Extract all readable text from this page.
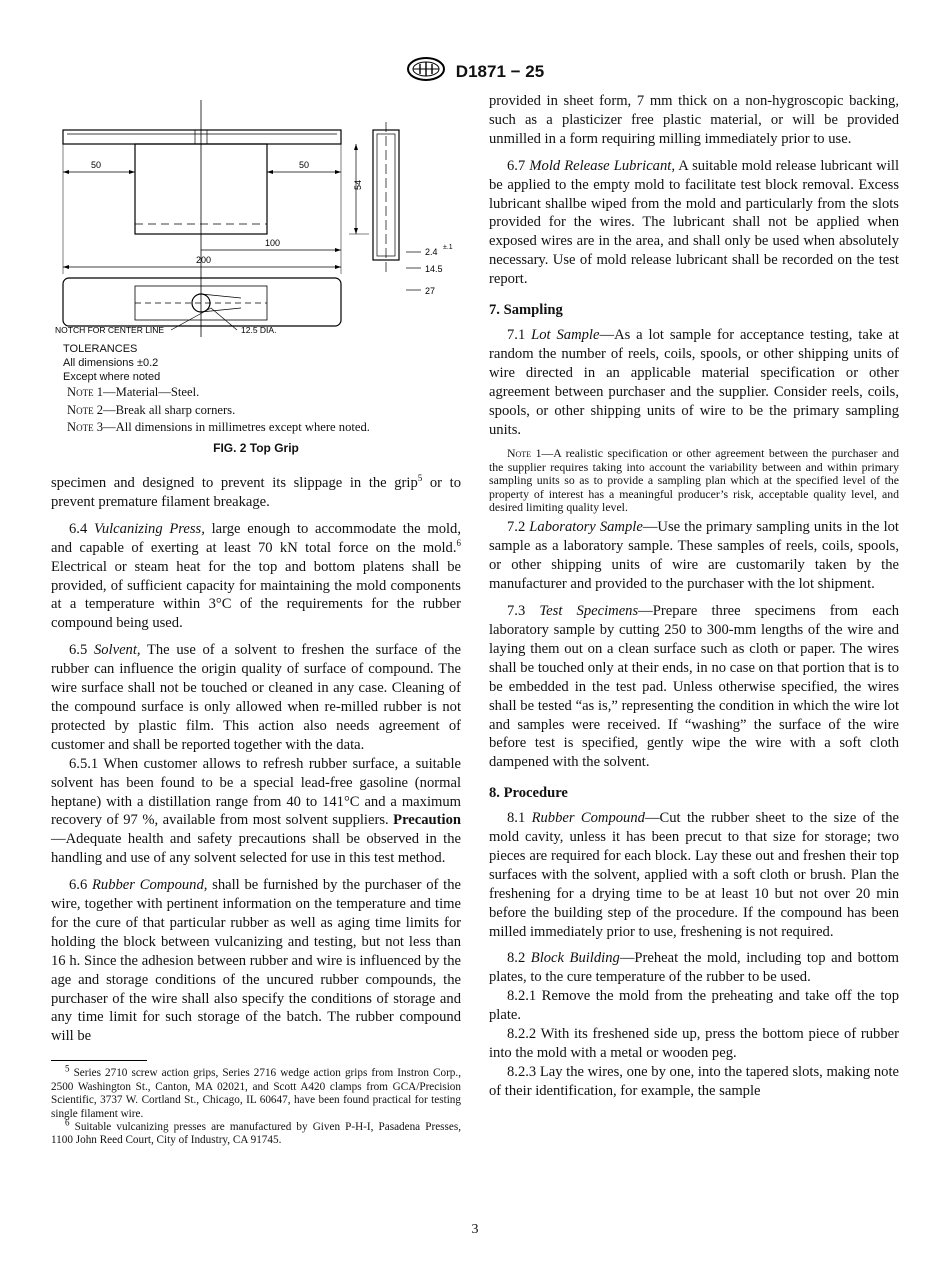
D1871 − 25
50	50
54
100
200
2.4 ±.1
14.5
27
NOTCH FOR CENTER LINE	12.5 DIA.
TOLERANCES
All dimensions ±0.2
Except where noted
Note 1—Material—Steel.
Note 2—Break all sharp corners.
Note 3—All dimensions in millimetres except where noted.
FIG. 2 Top Grip

specimen and designed to prevent its slippage in the grip$^5$ or to prevent premature filament breakage.

6.4 Vulcanizing Press, large enough to accommodate the mold, and capable of exerting at least 70 kN total force on the mold.$^6$ Electrical or steam heat for the top and bottom platens shall be provided, of sufficient capacity for maintaining the mold components at a temperature within 3°C of the requirements for the rubber compound being used.

6.5 Solvent, The use of a solvent to freshen the surface of the rubber can influence the origin quality of surface of compound. The wire surface shall not be touched or cleaned in any case. Cleaning of the compound surface is only allowed when re-milled rubber is not protected by plastic film. This action also needs agreement of customer and shall be reported together with the data.

6.5.1 When customer allows to refresh rubber surface, a suitable solvent has been found to be a special lead-free gasoline (normal heptane) with a distillation range from 40 to 141°C and a maximum recovery of 97 %, available from most solvent suppliers. Precaution—Adequate health and safety precautions shall be observed in the handling and use of any solvent selected for use in this test method.

6.6 Rubber Compound, shall be furnished by the purchaser of the wire, together with pertinent information on the temperature and time for the cure of that particular rubber as well as aging time limits for holding the block between vulcanizing and testing, but not less than 16 h. Since the adhesion between rubber and wire is influenced by the age and storage conditions of the uncured rubber compounds, the purchaser of the wire shall also specify the conditions of storage and any time limit for such storage of the batch. The rubber compound will be

$^5$ Series 2710 screw action grips, Series 2716 wedge action grips from Instron Corp., 2500 Washington St., Canton, MA 02021, and Scott A420 clamps from GCA/Precision Scientific, 3737 W. Cortland St., Chicago, IL 60647, have been found practical for testing single filament wire.

$^6$ Suitable vulcanizing presses are manufactured by Given P-H-I, Pasadena Presses, 1100 John Reed Court, City of Industry, CA 91745.

provided in sheet form, 7 mm thick on a non-hygroscopic backing, such as a plasticizer free plastic material, or will be provided unmilled in a form requiring milling immediately prior to use.

6.7 Mold Release Lubricant, A suitable mold release lubricant will be applied to the empty mold to facilitate test block removal. Excess lubricant shallbe wiped from the mold and particularly from the slots provided for the wires. The lubricant shall not be applied when exposed wires are in the area, and shall only be used when absolutely necessary. Use of mold release lubricant shall be recorded on the test report.

7. Sampling

7.1 Lot Sample—As a lot sample for acceptance testing, take at random the number of reels, coils, spools, or other shipping units of wire directed in an applicable material specification or other agreement between purchaser and the supplier. Consider reels, coils, spools, or other shipping units of wire to be the primary sampling units.

Note 1—A realistic specification or other agreement between the purchaser and the supplier requires taking into account the variability between and within primary sampling units so as to provide a sampling plan which at the specified level of the property of interest has a meaningful producer’s risk, acceptable quality level, and desired limiting quality level.

7.2 Laboratory Sample—Use the primary sampling units in the lot sample as a laboratory sample. These samples of reels, coils, spools, or other shipping units of wire are customarily taken by the manufacturer and provided to the purchaser with the lot shipment.

7.3 Test Specimens—Prepare three specimens from each laboratory sample by cutting 250 to 300-mm lengths of the wire and laying them out on a clean surface such as cloth or paper. The wires shall be touched only at their ends, in no case on that portion that is to be embedded in the test pad. Unless otherwise specified, the wires shall be tested “as is,” representing the condition in which the wire lot and samples were received. If “washing” the surface of the wire before test is specified, gently wipe the wire with a soft cloth dampened with the solvent.

8. Procedure

8.1 Rubber Compound—Cut the rubber sheet to the size of the mold cavity, unless it has been precut to that size for storage; two pieces are required for each block. Lay these out and freshen their top surfaces with the solvent, applied with a soft cloth or brush. Plan the freshening for a drying time to be at least 10 but not over 20 min before the building step of the procedure. If the compound has been milled immediately prior to use, freshening is not required.

8.2 Block Building—Preheat the mold, including top and bottom plates, to the cure temperature of the rubber to be used.

8.2.1 Remove the mold from the preheating and take off the top plate.

8.2.2 With its freshened side up, press the bottom piece of rubber into the mold with a metal or wooden peg.

8.2.3 Lay the wires, one by one, into the tapered slots, making note of their identification, for example, the sample

3
